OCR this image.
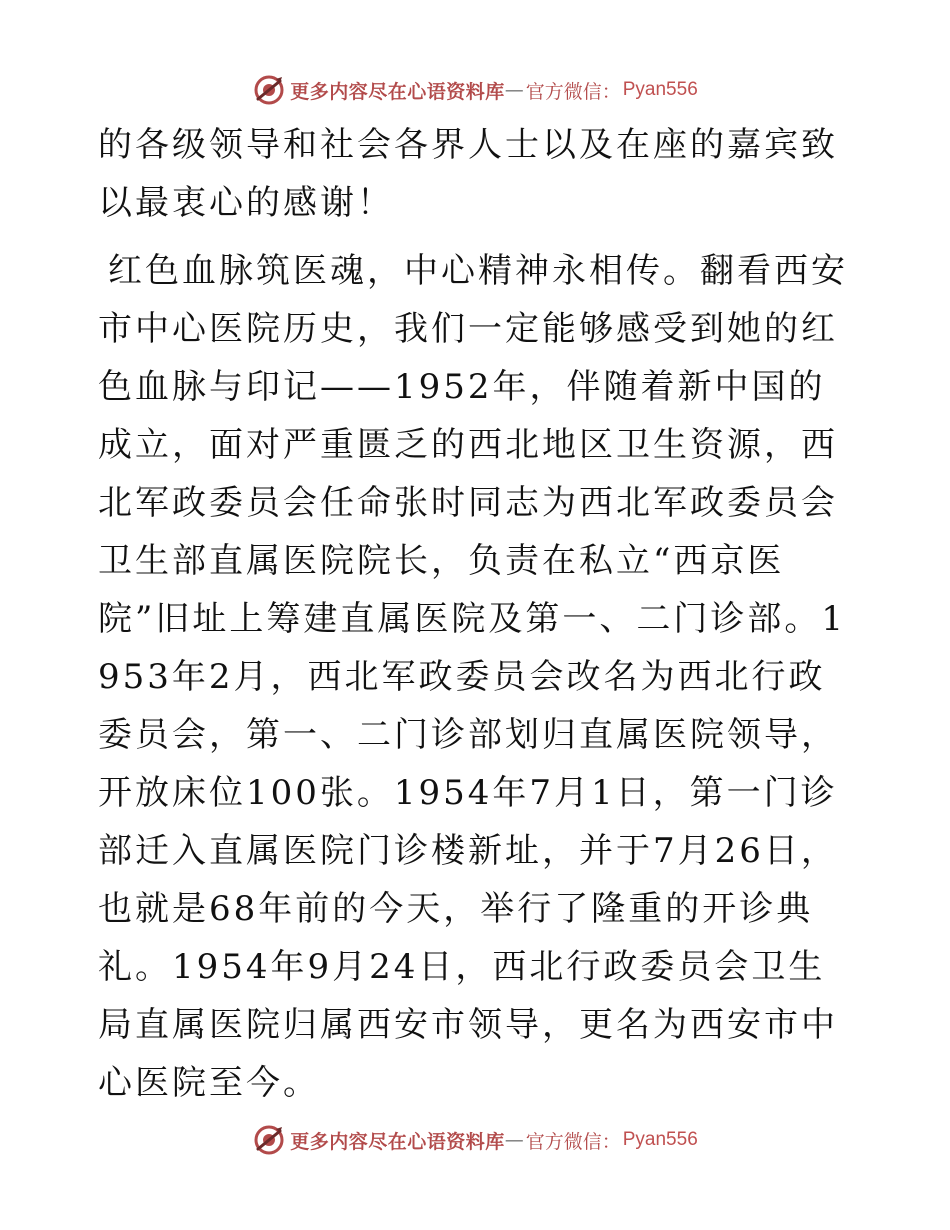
更多内容尽在心语资料库 — 官方微信： Pyan556

的各级领导和社会各界人士以及在座的嘉宾致以最衷心的感谢！

红色血脉筑医魂，中心精神永相传。翻看西安市中心医院历史，我们一定能够感受到她的红色血脉与印记——1952年，伴随着新中国的成立，面对严重匮乏的西北地区卫生资源，西北军政委员会任命张时同志为西北军政委员会卫生部直属医院院长，负责在私立“西京医院”旧址上筹建直属医院及第一、二门诊部。1953年2月，西北军政委员会改名为西北行政委员会，第一、二门诊部划归直属医院领导，开放床位100张。1954年7月1日，第一门诊部迁入直属医院门诊楼新址，并于7月26日，也就是68年前的今天，举行了隆重的开诊典礼。1954年9月24日，西北行政委员会卫生局直属医院归属西安市领导，更名为西安市中心医院至今。

更多内容尽在心语资料库 — 官方微信： Pyan556
